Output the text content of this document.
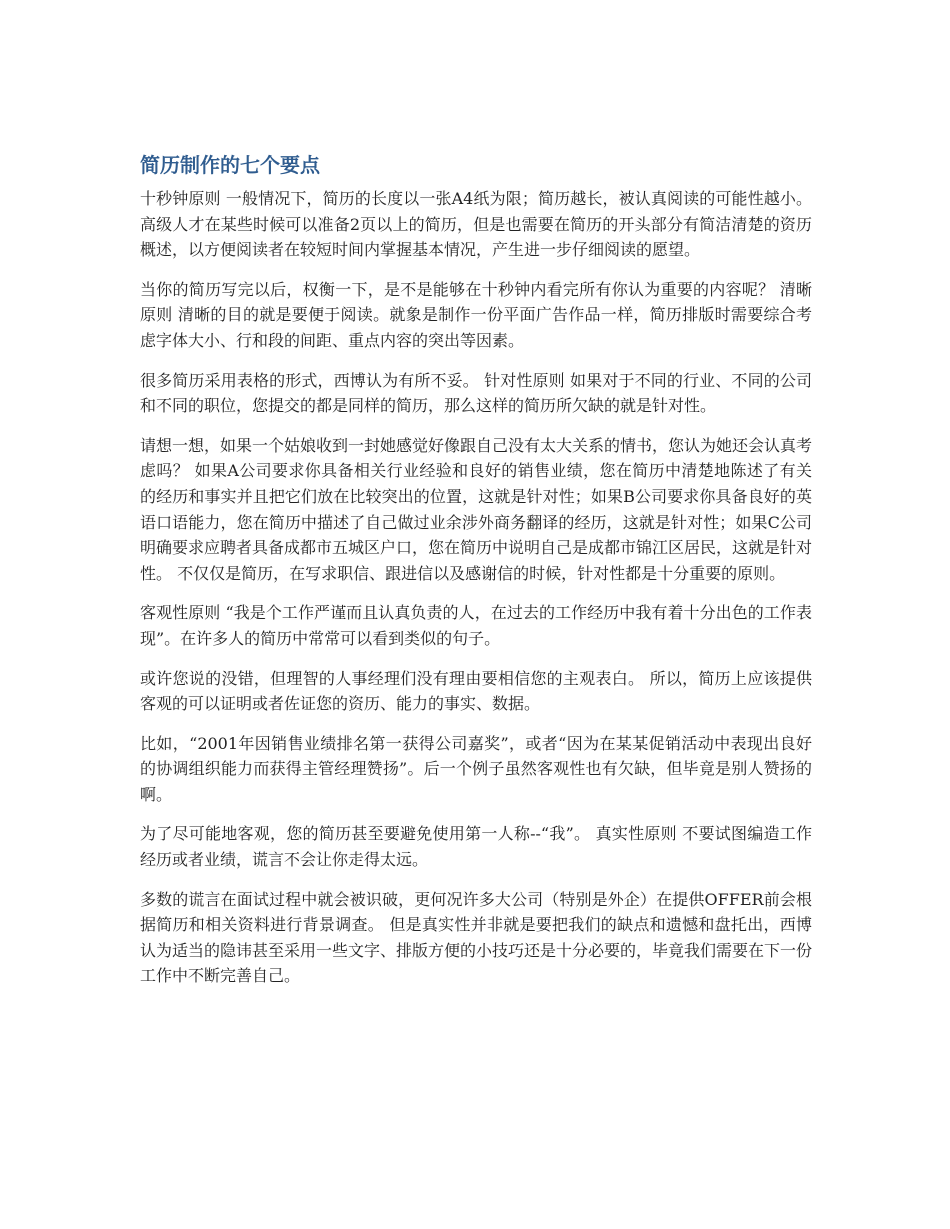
简历制作的七个要点

十秒钟原则 一般情况下，简历的长度以一张A4纸为限；简历越长，被认真阅读的可能性越小。高级人才在某些时候可以准备2页以上的简历，但是也需要在简历的开头部分有简洁清楚的资历概述，以方便阅读者在较短时间内掌握基本情况，产生进一步仔细阅读的愿望。

当你的简历写完以后，权衡一下，是不是能够在十秒钟内看完所有你认为重要的内容呢？ 清晰原则 清晰的目的就是要便于阅读。就象是制作一份平面广告作品一样，简历排版时需要综合考虑字体大小、行和段的间距、重点内容的突出等因素。

很多简历采用表格的形式，西博认为有所不妥。 针对性原则 如果对于不同的行业、不同的公司和不同的职位，您提交的都是同样的简历，那么这样的简历所欠缺的就是针对性。

请想一想，如果一个姑娘收到一封她感觉好像跟自己没有太大关系的情书，您认为她还会认真考虑吗？ 如果A公司要求你具备相关行业经验和良好的销售业绩，您在简历中清楚地陈述了有关的经历和事实并且把它们放在比较突出的位置，这就是针对性；如果B公司要求你具备良好的英语口语能力，您在简历中描述了自己做过业余涉外商务翻译的经历，这就是针对性；如果C公司明确要求应聘者具备成都市五城区户口，您在简历中说明自己是成都市锦江区居民，这就是针对性。 不仅仅是简历，在写求职信、跟进信以及感谢信的时候，针对性都是十分重要的原则。

客观性原则 “我是个工作严谨而且认真负责的人，在过去的工作经历中我有着十分出色的工作表现”。在许多人的简历中常常可以看到类似的句子。

或许您说的没错，但理智的人事经理们没有理由要相信您的主观表白。 所以，简历上应该提供客观的可以证明或者佐证您的资历、能力的事实、数据。

比如，“2001年因销售业绩排名第一获得公司嘉奖”，或者“因为在某某促销活动中表现出良好的协调组织能力而获得主管经理赞扬”。后一个例子虽然客观性也有欠缺，但毕竟是别人赞扬的啊。

为了尽可能地客观，您的简历甚至要避免使用第一人称--“我”。 真实性原则 不要试图编造工作经历或者业绩，谎言不会让你走得太远。

多数的谎言在面试过程中就会被识破，更何况许多大公司（特别是外企）在提供OFFER前会根据简历和相关资料进行背景调查。 但是真实性并非就是要把我们的缺点和遗憾和盘托出，西博认为适当的隐讳甚至采用一些文字、排版方便的小技巧还是十分必要的，毕竟我们需要在下一份工作中不断完善自己。
